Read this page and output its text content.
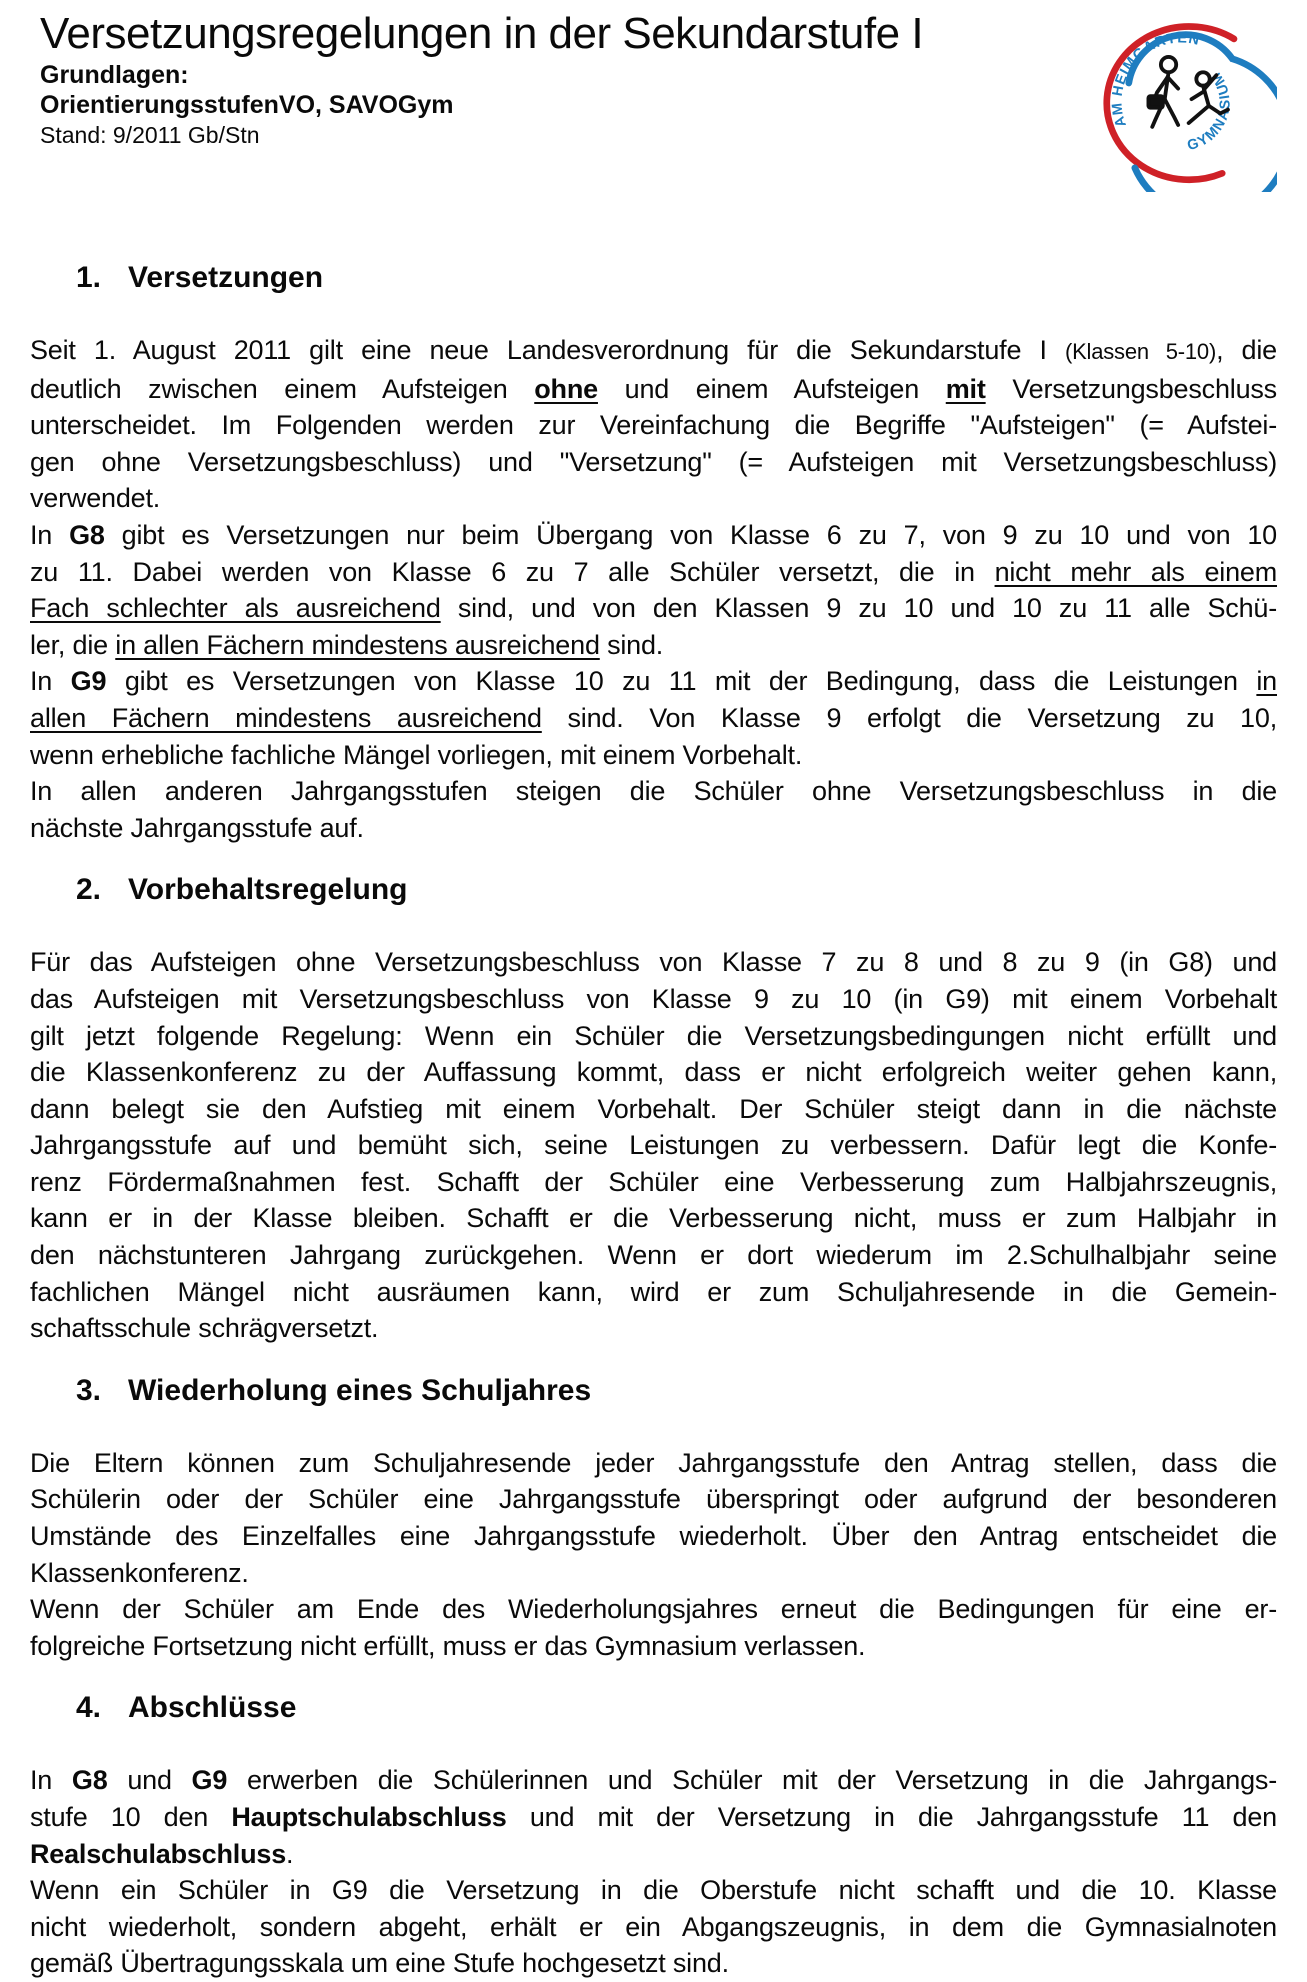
Versetzungsregelungen in der Sekundarstufe I
Grundlagen:
OrientierungsstufenVO, SAVOGym
Stand: 9/2011 Gb/Stn
AM HEIMGARTEN
GYMNASIUM
1. Versetzungen
Seit 1. August 2011 gilt eine neue Landesverordnung für die Sekundarstufe I (Klassen 5-10), die
deutlich zwischen einem Aufsteigen ohne und einem Aufsteigen mit Versetzungsbeschluss
unterscheidet. Im Folgenden werden zur Vereinfachung die Begriffe "Aufsteigen" (= Aufstei-
gen ohne Versetzungsbeschluss) und "Versetzung" (= Aufsteigen mit Versetzungsbeschluss)
verwendet.
In G8 gibt es Versetzungen nur beim Übergang von Klasse 6 zu 7, von 9 zu 10 und von 10
zu 11. Dabei werden von Klasse 6 zu 7 alle Schüler versetzt, die in nicht mehr als einem
Fach schlechter als ausreichend sind, und von den Klassen 9 zu 10 und 10 zu 11 alle Schü-
ler, die in allen Fächern mindestens ausreichend sind.
In G9 gibt es Versetzungen von Klasse 10 zu 11 mit der Bedingung, dass die Leistungen in
allen Fächern mindestens ausreichend sind. Von Klasse 9 erfolgt die Versetzung zu 10,
wenn erhebliche fachliche Mängel vorliegen, mit einem Vorbehalt.
In allen anderen Jahrgangsstufen steigen die Schüler ohne Versetzungsbeschluss in die
nächste Jahrgangsstufe auf.
2. Vorbehaltsregelung
Für das Aufsteigen ohne Versetzungsbeschluss von Klasse 7 zu 8 und 8 zu 9 (in G8) und
das Aufsteigen mit Versetzungsbeschluss von Klasse 9 zu 10 (in G9) mit einem Vorbehalt
gilt jetzt folgende Regelung: Wenn ein Schüler die Versetzungsbedingungen nicht erfüllt und
die Klassenkonferenz zu der Auffassung kommt, dass er nicht erfolgreich weiter gehen kann,
dann belegt sie den Aufstieg mit einem Vorbehalt. Der Schüler steigt dann in die nächste
Jahrgangsstufe auf und bemüht sich, seine Leistungen zu verbessern. Dafür legt die Konfe-
renz Fördermaßnahmen fest. Schafft der Schüler eine Verbesserung zum Halbjahrszeugnis,
kann er in der Klasse bleiben. Schafft er die Verbesserung nicht, muss er zum Halbjahr in
den nächstunteren Jahrgang zurückgehen. Wenn er dort wiederum im 2.Schulhalbjahr seine
fachlichen Mängel nicht ausräumen kann, wird er zum Schuljahresende in die Gemein-
schaftsschule schrägversetzt.
3. Wiederholung eines Schuljahres
Die Eltern können zum Schuljahresende jeder Jahrgangsstufe den Antrag stellen, dass die
Schülerin oder der Schüler eine Jahrgangsstufe überspringt oder aufgrund der besonderen
Umstände des Einzelfalles eine Jahrgangsstufe wiederholt. Über den Antrag entscheidet die
Klassenkonferenz.
Wenn der Schüler am Ende des Wiederholungsjahres erneut die Bedingungen für eine er-
folgreiche Fortsetzung nicht erfüllt, muss er das Gymnasium verlassen.
4. Abschlüsse
In G8 und G9 erwerben die Schülerinnen und Schüler mit der Versetzung in die Jahrgangs-
stufe 10 den Hauptschulabschluss und mit der Versetzung in die Jahrgangsstufe 11 den
Realschulabschluss.
Wenn ein Schüler in G9 die Versetzung in die Oberstufe nicht schafft und die 10. Klasse
nicht wiederholt, sondern abgeht, erhält er ein Abgangszeugnis, in dem die Gymnasialnoten
gemäß Übertragungsskala um eine Stufe hochgesetzt sind.
